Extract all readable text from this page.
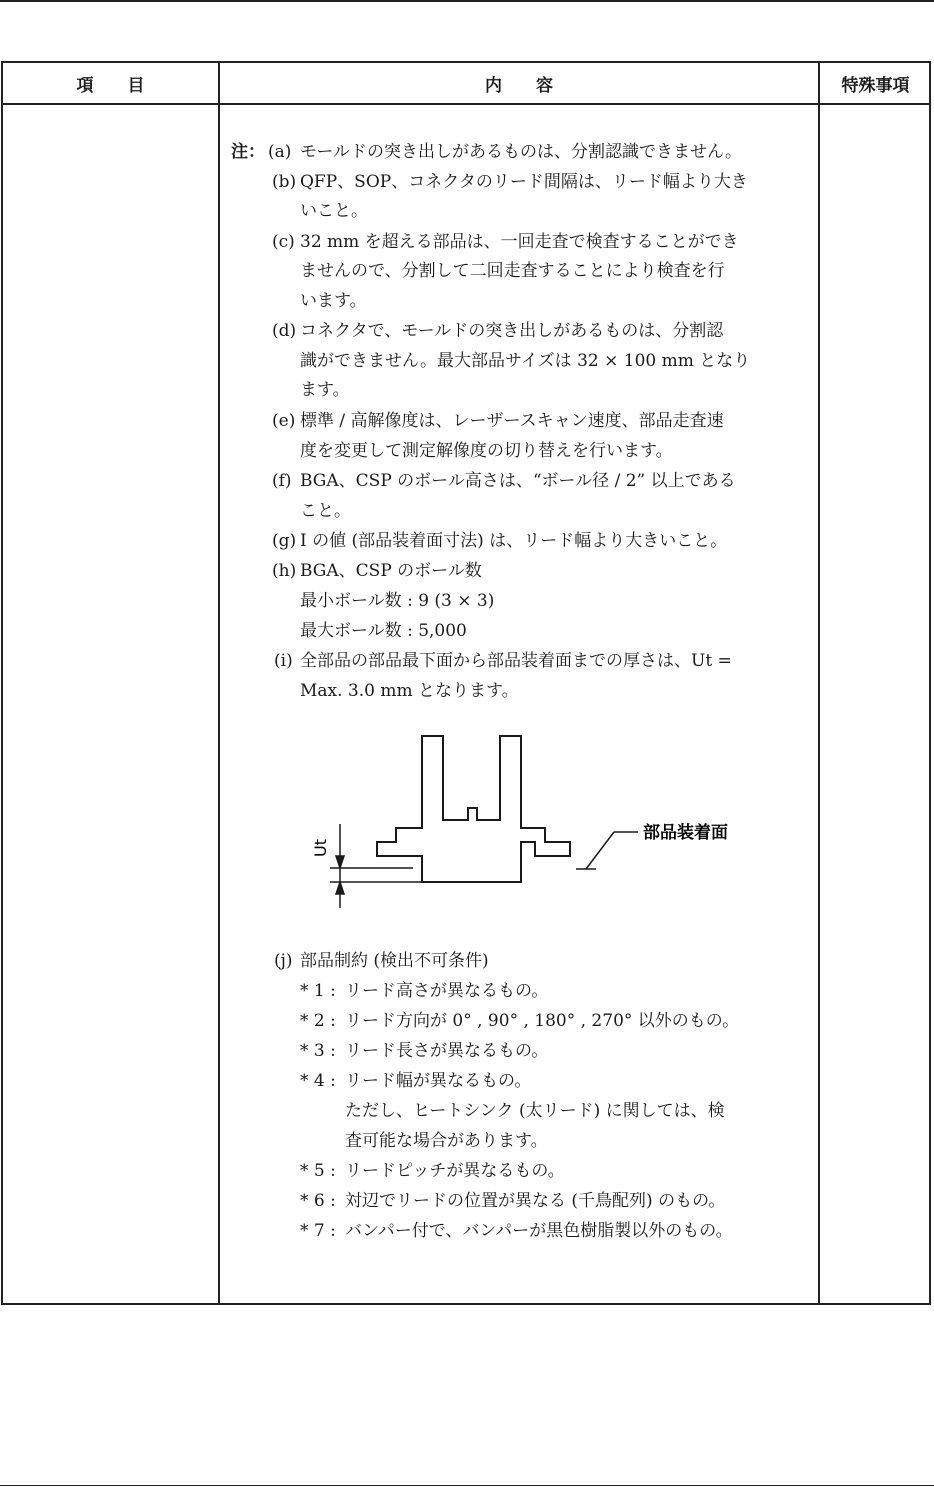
項　　目	内　　容	特殊事項
注： (a) モールドの突き出しがあるものは、分割認識できません。
(b) QFP、SOP、コネクタのリード間隔は、リード幅より大き
いこと。
(c) 32 mm を超える部品は、一回走査で検査することができ
ませんので、分割して二回走査することにより検査を行
います。
(d) コネクタで、モールドの突き出しがあるものは、分割認
識ができません。最大部品サイズは 32 × 100 mm となり
ます。
(e) 標準 / 高解像度は、レーザースキャン速度、部品走査速
度を変更して測定解像度の切り替えを行います。
(f) BGA、CSP のボール高さは、“ボール径 / 2” 以上である
こと。
(g) I の値 (部品装着面寸法) は、リード幅より大きいこと。
(h) BGA、CSP のボール数
最小ボール数 : 9 (3 × 3)
最大ボール数 : 5,000
(i) 全部品の部品最下面から部品装着面までの厚さは、Ut =
Max. 3.0 mm となります。
(j) 部品制約 (検出不可条件)
* 1 : リード高さが異なるもの。
* 2 : リード方向が 0° , 90° , 180° , 270° 以外のもの。
* 3 : リード長さが異なるもの。
* 4 : リード幅が異なるもの。
ただし、ヒートシンク (太リード) に関しては、検
査可能な場合があります。
* 5 : リードピッチが異なるもの。
* 6 : 対辺でリードの位置が異なる (千鳥配列) のもの。
* 7 : バンパー付で、バンパーが黒色樹脂製以外のもの。
Ut
部品装着面
